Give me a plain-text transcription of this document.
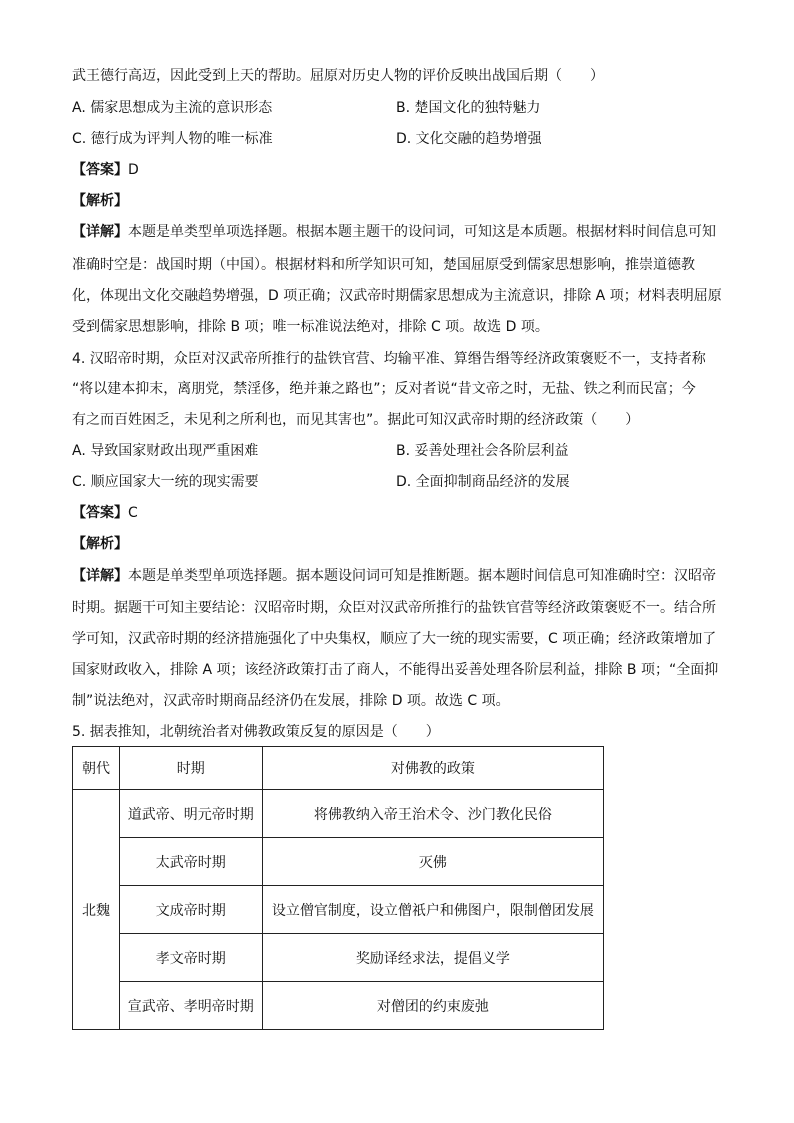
武王德行高迈，因此受到上天的帮助。屈原对历史人物的评价反映出战国后期（　　）
A. 儒家思想成为主流的意识形态	B. 楚国文化的独特魅力
C. 德行成为评判人物的唯一标准	D. 文化交融的趋势增强
【答案】D
【解析】
【详解】本题是单类型单项选择题。根据本题主题干的设问词，可知这是本质题。根据材料时间信息可知
准确时空是：战国时期（中国）。根据材料和所学知识可知，楚国屈原受到儒家思想影响，推崇道德教
化，体现出文化交融趋势增强，D 项正确；汉武帝时期儒家思想成为主流意识，排除 A 项；材料表明屈原
受到儒家思想影响，排除 B 项；唯一标准说法绝对，排除 C 项。故选 D 项。
4. 汉昭帝时期，众臣对汉武帝所推行的盐铁官营、均输平准、算缗告缗等经济政策褒贬不一，支持者称
“将以建本抑末，离朋党，禁淫侈，绝并兼之路也”；反对者说“昔文帝之时，无盐、铁之利而民富；今
有之而百姓困乏，未见利之所利也，而见其害也”。据此可知汉武帝时期的经济政策（　　）
A. 导致国家财政出现严重困难	B. 妥善处理社会各阶层利益
C. 顺应国家大一统的现实需要	D. 全面抑制商品经济的发展
【答案】C
【解析】
【详解】本题是单类型单项选择题。据本题设问词可知是推断题。据本题时间信息可知准确时空：汉昭帝
时期。据题干可知主要结论：汉昭帝时期，众臣对汉武帝所推行的盐铁官营等经济政策褒贬不一。结合所
学可知，汉武帝时期的经济措施强化了中央集权，顺应了大一统的现实需要，C 项正确；经济政策增加了
国家财政收入，排除 A 项；该经济政策打击了商人，不能得出妥善处理各阶层利益，排除 B 项；“全面抑
制”说法绝对，汉武帝时期商品经济仍在发展，排除 D 项。故选 C 项。
5. 据表推知，北朝统治者对佛教政策反复的原因是（　　）
朝代	时期	对佛教的政策
北魏	道武帝、明元帝时期	将佛教纳入帝王治术令、沙门教化民俗
	太武帝时期	灭佛
	文成帝时期	设立僧官制度，设立僧祇户和佛图户，限制僧团发展
	孝文帝时期	奖励译经求法，提倡义学
	宣武帝、孝明帝时期	对僧团的约束废弛
